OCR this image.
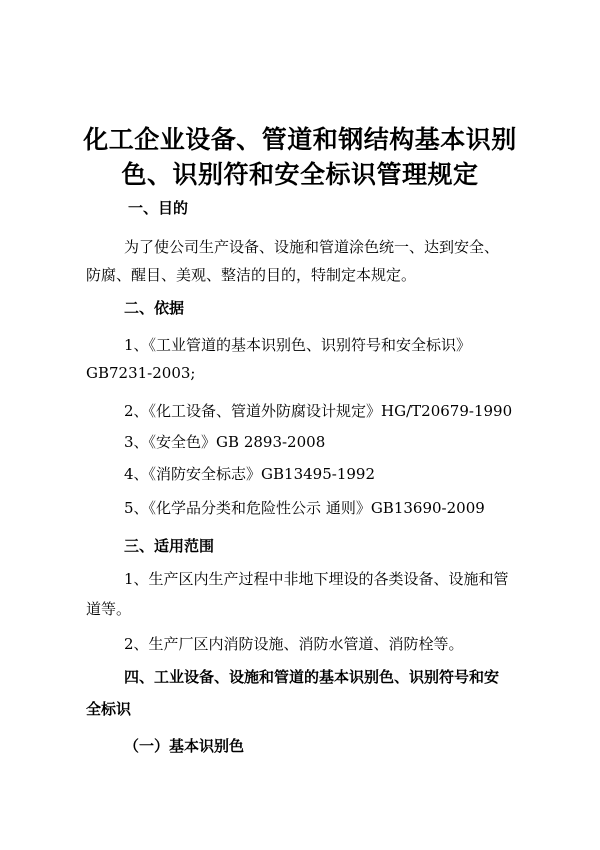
化工企业设备、管道和钢结构基本识别
色、识别符和安全标识管理规定
一、目的
为了使公司生产设备、设施和管道涂色统一、达到安全、
防腐、醒目、美观、整洁的目的，特制定本规定。
二、依据
1、《工业管道的基本识别色、识别符号和安全标识》
GB7231-2003;
2、《化工设备、管道外防腐设计规定》HG/T20679-1990
3、《安全色》GB 2893-2008
4、《消防安全标志》GB13495-1992
5、《化学品分类和危险性公示 通则》GB13690-2009
三、适用范围
1、生产区内生产过程中非地下埋设的各类设备、设施和管
道等。
2、生产厂区内消防设施、消防水管道、消防栓等。
四、工业设备、设施和管道的基本识别色、识别符号和安
全标识
（一）基本识别色
